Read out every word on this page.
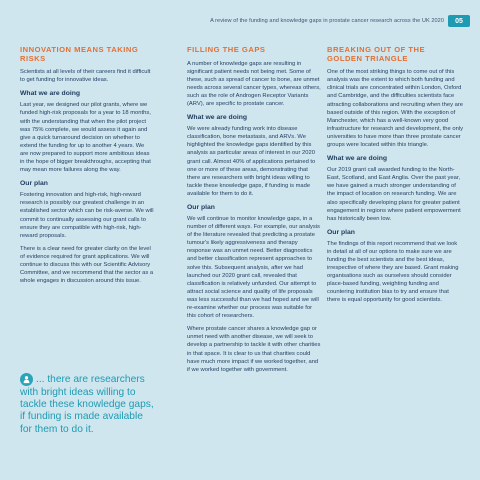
A review of the funding and knowledge gaps in prostate cancer research across the UK 2020	05
INNOVATION MEANS TAKING RISKS

Scientists at all levels of their careers find it difficult to get funding for innovative ideas.

What we are doing

Last year, we designed our pilot grants, where we funded high-risk proposals for a year to 18 months, with the understanding that when the pilot project was 75% complete, we would assess it again and give a quick turnaround decision on whether to extend the funding for up to another 4 years. We are now prepared to support more ambitious ideas in the hope of bigger breakthroughs, accepting that may mean more failures along the way.

Our plan

Fostering innovation and high-risk, high-reward research is possibly our greatest challenge in an established sector which can be risk-averse. We will commit to continually assessing our grant calls to ensure they are compatible with high-risk, high-reward proposals.

There is a clear need for greater clarity on the level of evidence required for grant applications. We will continue to discuss this with our Scientific Advisory Committee, and we recommend that the sector as a whole engages in discussion around this issue.

... there are researchers with bright ideas willing to tackle these knowledge gaps, if funding is made available for them to do it.
FILLING THE GAPS

A number of knowledge gaps are resulting in significant patient needs not being met. Some of these, such as spread of cancer to bone, are unmet needs across several cancer types, whereas others, such as the role of Androgen Receptor Variants (ARV), are specific to prostate cancer.

What we are doing

We were already funding work into disease classification, bone metastasis, and ARVs. We highlighted the knowledge gaps identified by this analysis as particular areas of interest in our 2020 grant call. Almost 40% of applications pertained to one or more of these areas, demonstrating that there are researchers with bright ideas willing to tackle these knowledge gaps, if funding is made available for them to do it.

Our plan

We will continue to monitor knowledge gaps, in a number of different ways. For example, our analysis of the literature revealed that predicting a prostate tumour's likely aggressiveness and therapy response was an unmet need. Better diagnostics and better classification represent approaches to solve this. Subsequent analysis, after we had launched our 2020 grant call, revealed that classification is relatively unfunded. Our attempt to attract social science and quality of life proposals was less successful than we had hoped and we will re-examine whether our process was suitable for this cohort of researchers.

Where prostate cancer shares a knowledge gap or unmet need with another disease, we will seek to develop a partnership to tackle it with other charities in that space. It is clear to us that charities could have much more impact if we worked together, and if we worked together with government.

BREAKING OUT OF THE GOLDEN TRIANGLE

One of the most striking things to come out of this analysis was the extent to which both funding and clinical trials are concentrated within London, Oxford and Cambridge, and the difficulties scientists face attracting collaborations and recruiting when they are based outside of this region. With the exception of Manchester, which has a well-known very good infrastructure for research and development, the only universities to have more than three prostate cancer groups were located within this triangle.

What we are doing

Our 2019 grant call awarded funding to the North-East, Scotland, and East Anglia. Over the past year, we have gained a much stronger understanding of the impact of location on research funding. We are also specifically developing plans for greater patient engagement in regions where patient empowerment has historically been low.

Our plan

The findings of this report recommend that we look in detail at all of our options to make sure we are funding the best scientists and the best ideas, irrespective of where they are based. Grant making organisations such as ourselves should consider place-based funding, weighting funding and countering institution bias to try and ensure that there is equal opportunity for good scientists.
